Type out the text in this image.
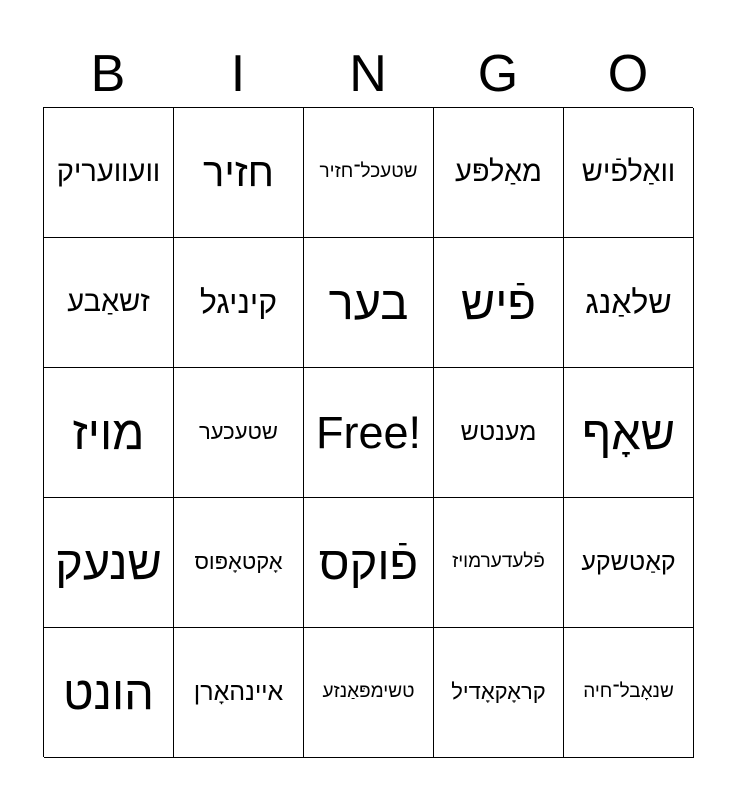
B	I	N	G	O
װעװעריק חזיר שטעכל־חזיר מאַלפּע װאַלפֿיש
זשאַבע קיניגל בער פֿיש שלאַנג
מויז שטעכער Free! מענטש שאָף
שנעק אָקטאָפּוס פֿוקס פֿלעדערמויז קאַטשקע
הונט אײנהאָרן טשימפּאַנזע קראָקאָדיל שנאָבל־חיה
